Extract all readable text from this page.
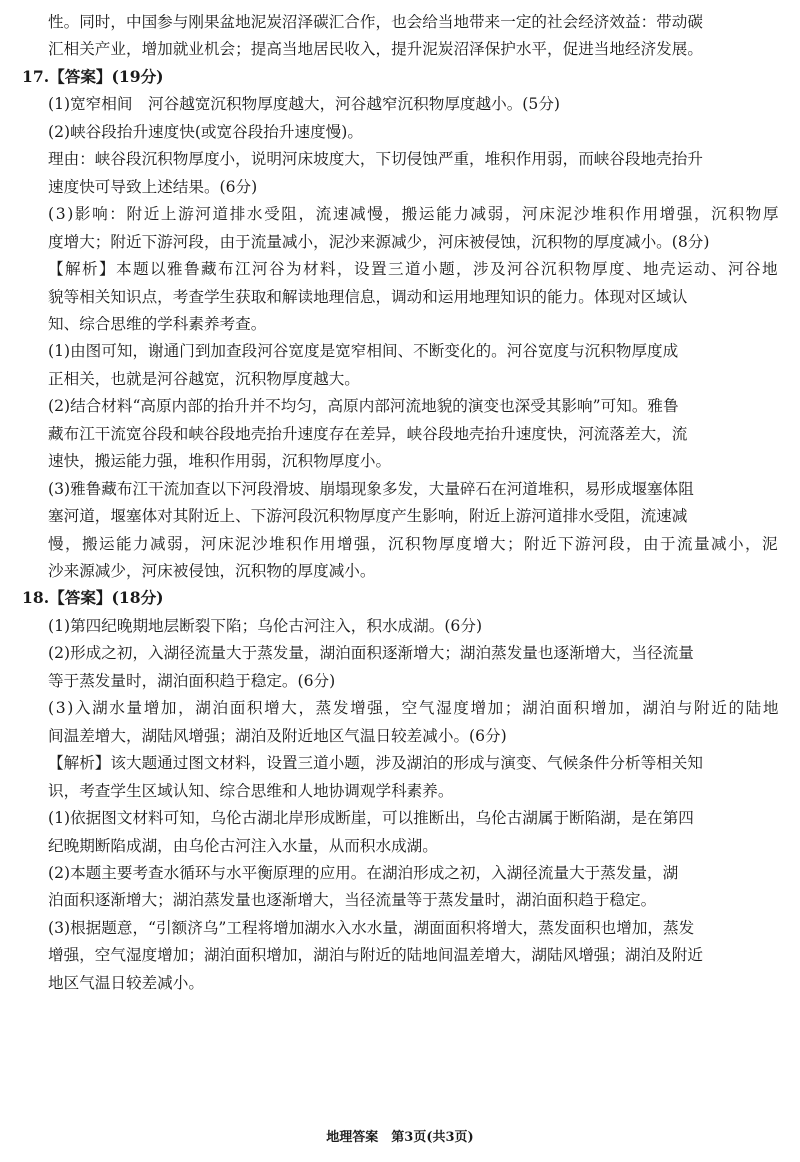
性。同时，中国参与刚果盆地泥炭沼泽碳汇合作，也会给当地带来一定的社会经济效益：带动碳
汇相关产业，增加就业机会；提高当地居民收入，提升泥炭沼泽保护水平，促进当地经济发展。
17.【答案】(19分)
(1)宽窄相间　河谷越宽沉积物厚度越大，河谷越窄沉积物厚度越小。(5分)
(2)峡谷段抬升速度快(或宽谷段抬升速度慢)。
理由：峡谷段沉积物厚度小，说明河床坡度大，下切侵蚀严重，堆积作用弱，而峡谷段地壳抬升
速度快可导致上述结果。(6分)
(3)影响：附近上游河道排水受阻，流速减慢，搬运能力减弱，河床泥沙堆积作用增强，沉积物厚
度增大；附近下游河段，由于流量减小，泥沙来源减少，河床被侵蚀，沉积物的厚度减小。(8分)
【解析】本题以雅鲁藏布江河谷为材料，设置三道小题，涉及河谷沉积物厚度、地壳运动、河谷地
貌等相关知识点，考查学生获取和解读地理信息，调动和运用地理知识的能力。体现对区域认
知、综合思维的学科素养考查。
(1)由图可知，谢通门到加查段河谷宽度是宽窄相间、不断变化的。河谷宽度与沉积物厚度成
正相关，也就是河谷越宽，沉积物厚度越大。
(2)结合材料“高原内部的抬升并不均匀，高原内部河流地貌的演变也深受其影响”可知。雅鲁
藏布江干流宽谷段和峡谷段地壳抬升速度存在差异，峡谷段地壳抬升速度快，河流落差大，流
速快，搬运能力强，堆积作用弱，沉积物厚度小。
(3)雅鲁藏布江干流加查以下河段滑坡、崩塌现象多发，大量碎石在河道堆积，易形成堰塞体阻
塞河道，堰塞体对其附近上、下游河段沉积物厚度产生影响，附近上游河道排水受阻，流速减
慢，搬运能力减弱，河床泥沙堆积作用增强，沉积物厚度增大；附近下游河段，由于流量减小，泥
沙来源减少，河床被侵蚀，沉积物的厚度减小。
18.【答案】(18分)
(1)第四纪晚期地层断裂下陷；乌伦古河注入，积水成湖。(6分)
(2)形成之初，入湖径流量大于蒸发量，湖泊面积逐渐增大；湖泊蒸发量也逐渐增大，当径流量
等于蒸发量时，湖泊面积趋于稳定。(6分)
(3)入湖水量增加，湖泊面积增大，蒸发增强，空气湿度增加；湖泊面积增加，湖泊与附近的陆地
间温差增大，湖陆风增强；湖泊及附近地区气温日较差减小。(6分)
【解析】该大题通过图文材料，设置三道小题，涉及湖泊的形成与演变、气候条件分析等相关知
识，考查学生区域认知、综合思维和人地协调观学科素养。
(1)依据图文材料可知，乌伦古湖北岸形成断崖，可以推断出，乌伦古湖属于断陷湖，是在第四
纪晚期断陷成湖，由乌伦古河注入水量，从而积水成湖。
(2)本题主要考查水循环与水平衡原理的应用。在湖泊形成之初，入湖径流量大于蒸发量，湖
泊面积逐渐增大；湖泊蒸发量也逐渐增大，当径流量等于蒸发量时，湖泊面积趋于稳定。
(3)根据题意，“引额济乌”工程将增加湖水入水水量，湖面面积将增大，蒸发面积也增加，蒸发
增强，空气湿度增加；湖泊面积增加，湖泊与附近的陆地间温差增大，湖陆风增强；湖泊及附近
地区气温日较差减小。
地理答案　第3页(共3页)
